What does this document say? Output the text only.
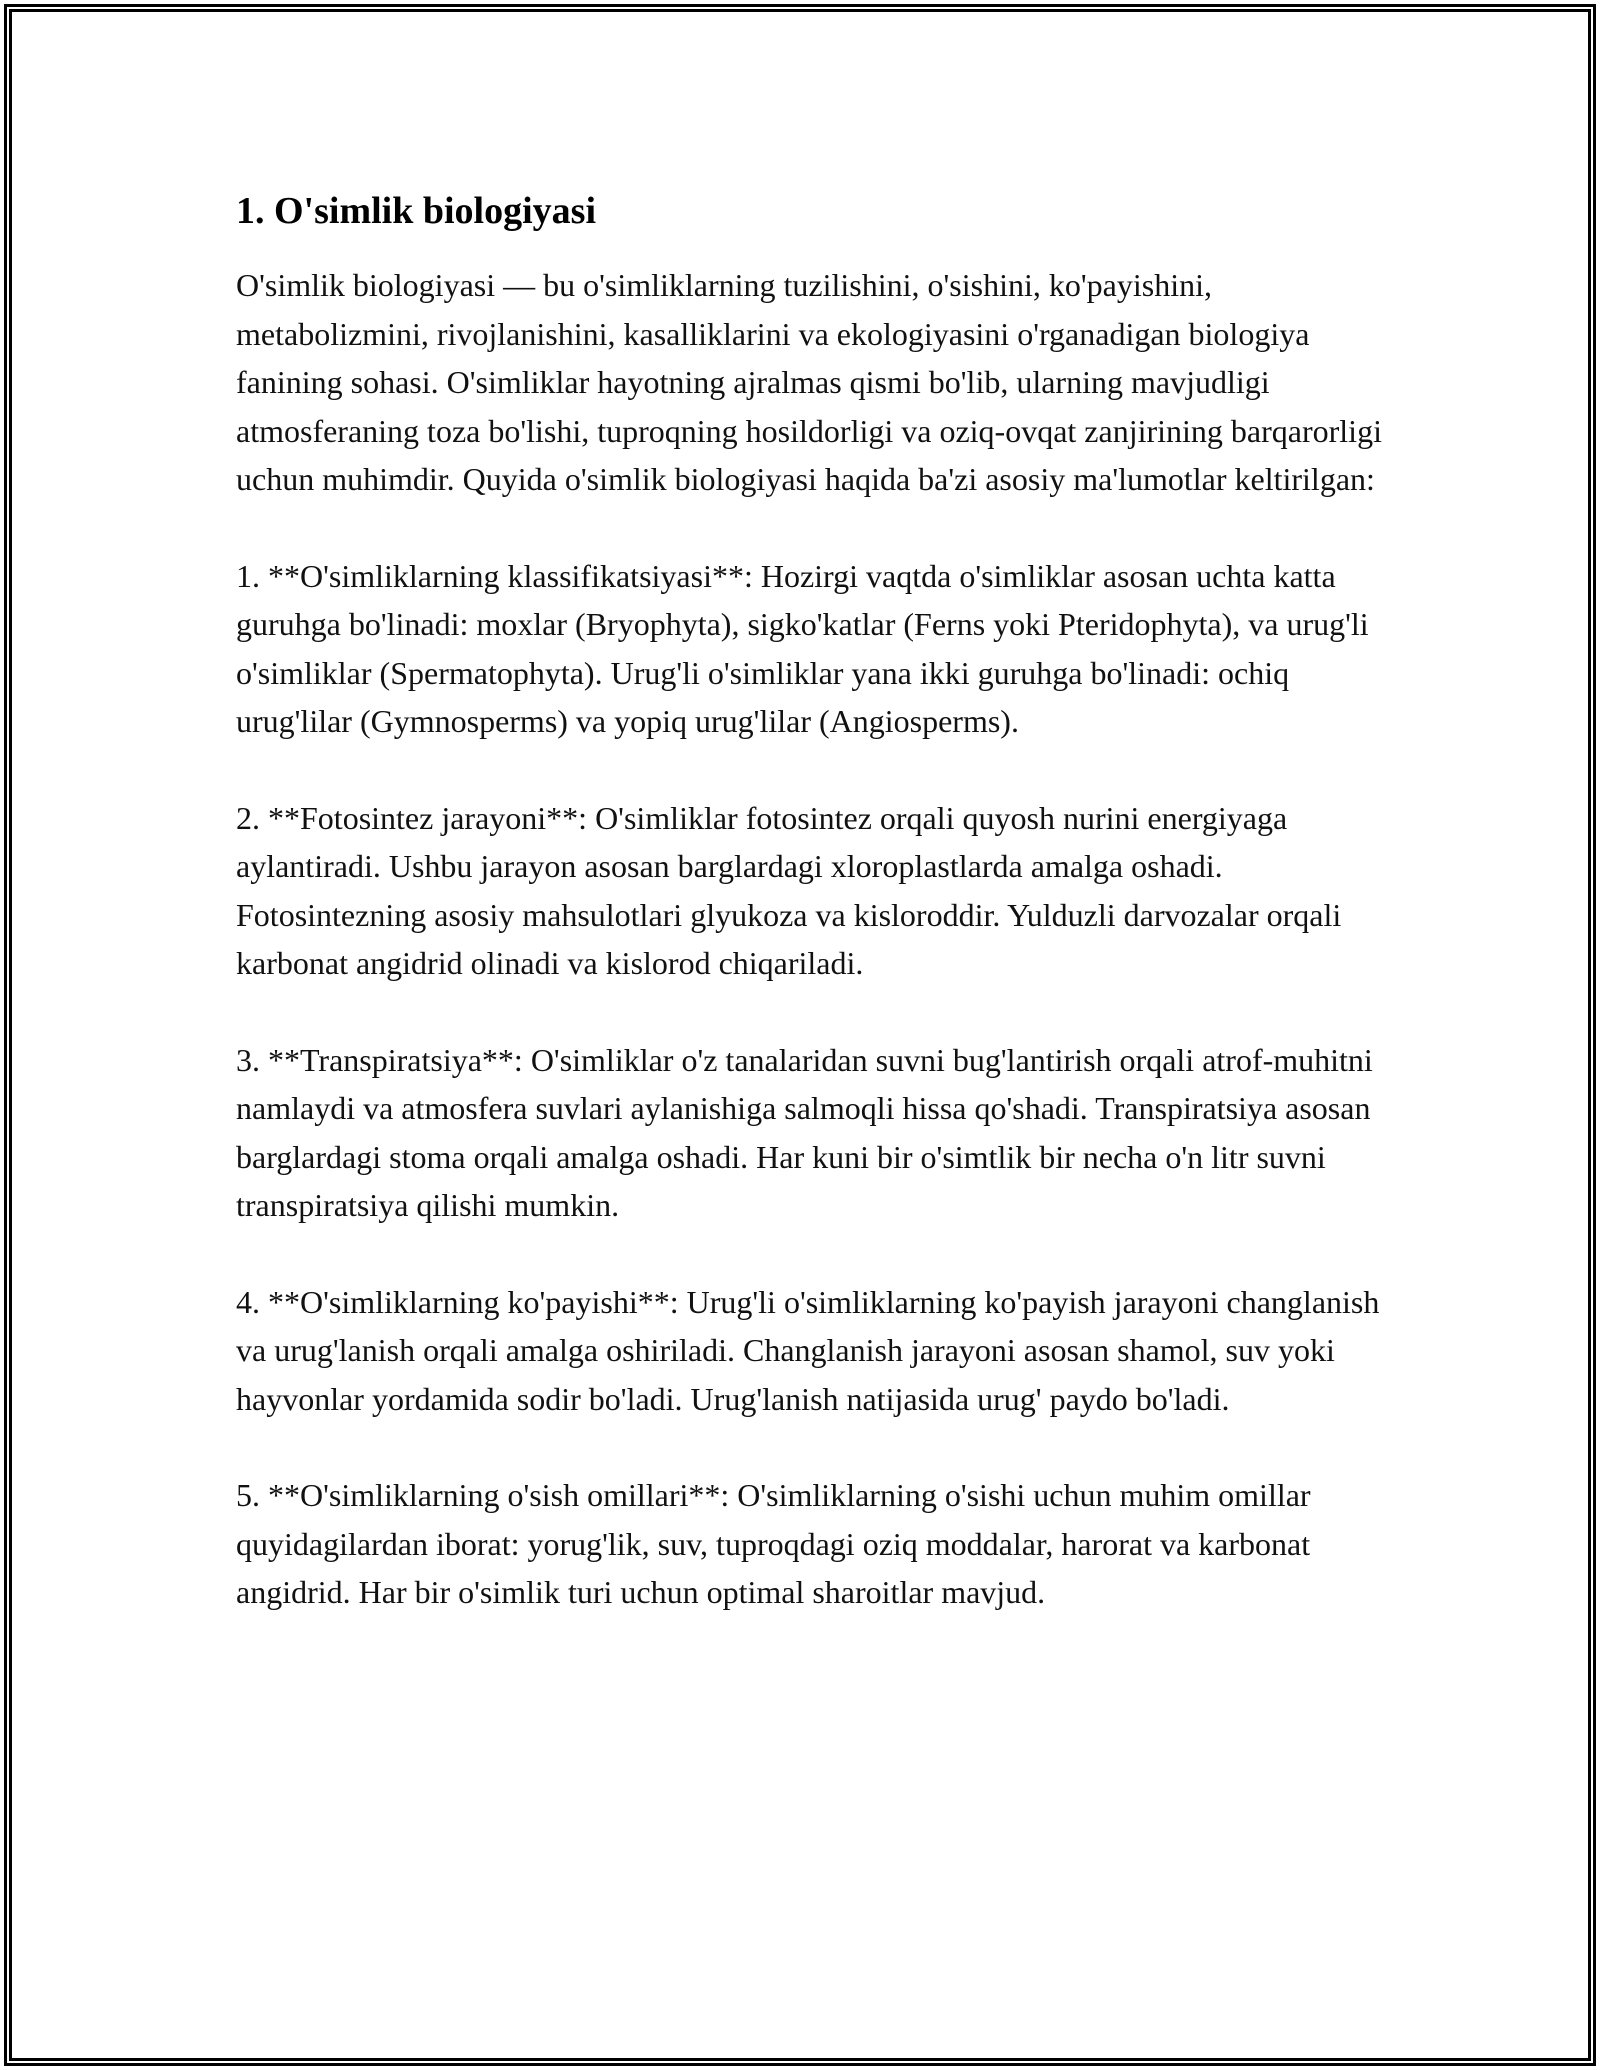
1. O'simlik biologiyasi

O'simlik biologiyasi — bu o'simliklarning tuzilishini, o'sishini, ko'payishini, metabolizmini, rivojlanishini, kasalliklarini va ekologiyasini o'rganadigan biologiya fanining sohasi. O'simliklar hayotning ajralmas qismi bo'lib, ularning mavjudligi atmosferaning toza bo'lishi, tuproqning hosildorligi va oziq-ovqat zanjirining barqarorligi uchun muhimdir. Quyida o'simlik biologiyasi haqida ba'zi asosiy ma'lumotlar keltirilgan:

1. **O'simliklarning klassifikatsiyasi**: Hozirgi vaqtda o'simliklar asosan uchta katta guruhga bo'linadi: moxlar (Bryophyta), sigko'katlar (Ferns yoki Pteridophyta), va urug'li o'simliklar (Spermatophyta). Urug'li o'simliklar yana ikki guruhga bo'linadi: ochiq urug'lilar (Gymnosperms) va yopiq urug'lilar (Angiosperms).

2. **Fotosintez jarayoni**: O'simliklar fotosintez orqali quyosh nurini energiyaga aylantiradi. Ushbu jarayon asosan barglardagi xloroplastlarda amalga oshadi. Fotosintezning asosiy mahsulotlari glyukoza va kisloroddir. Yulduzli darvozalar orqali karbonat angidrid olinadi va kislorod chiqariladi.

3. **Transpiratsiya**: O'simliklar o'z tanalaridan suvni bug'lantirish orqali atrof-muhitni namlaydi va atmosfera suvlari aylanishiga salmoqli hissa qo'shadi. Transpiratsiya asosan barglardagi stoma orqali amalga oshadi. Har kuni bir o'simtlik bir necha o'n litr suvni transpiratsiya qilishi mumkin.

4. **O'simliklarning ko'payishi**: Urug'li o'simliklarning ko'payish jarayoni changlanish va urug'lanish orqali amalga oshiriladi. Changlanish jarayoni asosan shamol, suv yoki hayvonlar yordamida sodir bo'ladi. Urug'lanish natijasida urug' paydo bo'ladi.

5. **O'simliklarning o'sish omillari**: O'simliklarning o'sishi uchun muhim omillar quyidagilardan iborat: yorug'lik, suv, tuproqdagi oziq moddalar, harorat va karbonat angidrid. Har bir o'simlik turi uchun optimal sharoitlar mavjud.
